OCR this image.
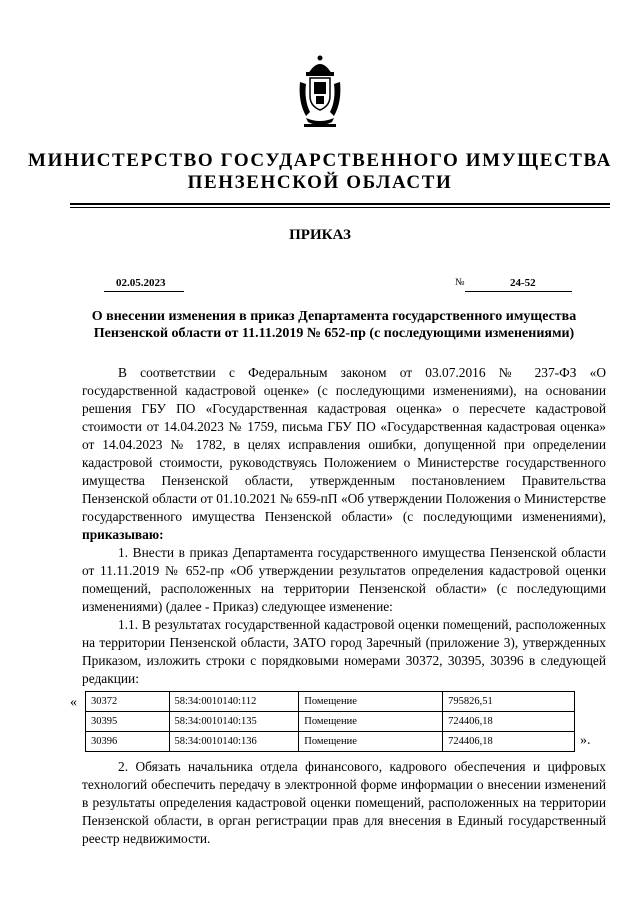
МИНИСТЕРСТВО ГОСУДАРСТВЕННОГО ИМУЩЕСТВА
ПЕНЗЕНСКОЙ ОБЛАСТИ
ПРИКАЗ
02.05.2023	№	24-52
О внесении изменения в приказ Департамента государственного имущества
Пензенской области от 11.11.2019 № 652-пр (с последующими изменениями)

В соответствии с Федеральным законом от 03.07.2016 № 237-ФЗ «О государственной кадастровой оценке» (с последующими изменениями), на основании решения ГБУ ПО «Государственная кадастровая оценка» о пересчете кадастровой стоимости от 14.04.2023 № 1759, письма ГБУ ПО «Государственная кадастровая оценка» от 14.04.2023 № 1782, в целях исправления ошибки, допущенной при определении кадастровой стоимости, руководствуясь Положением о Министерстве государственного имущества Пензенской области, утвержденным постановлением Правительства Пензенской области от 01.10.2021 № 659-пП «Об утверждении Положения о Министерстве государственного имущества Пензенской области» (с последующими изменениями), приказываю:

1. Внести в приказ Департамента государственного имущества Пензенской области от 11.11.2019 № 652-пр «Об утверждении результатов определения кадастровой оценки помещений, расположенных на территории Пензенской области» (с последующими изменениями) (далее - Приказ) следующее изменение:

1.1. В результатах государственной кадастровой оценки помещений, расположенных на территории Пензенской области, ЗАТО город Заречный (приложение 3), утвержденных Приказом, изложить строки с порядковыми номерами 30372, 30395, 30396 в следующей редакции:

« 30372	58:34:0010140:112	Помещение	795826,51
30395	58:34:0010140:135	Помещение	724406,18
30396	58:34:0010140:136	Помещение	724406,18	».

2. Обязать начальника отдела финансового, кадрового обеспечения и цифровых технологий обеспечить передачу в электронной форме информации о внесении изменений в результаты определения кадастровой оценки помещений, расположенных на территории Пензенской области, в орган регистрации прав для внесения в Единый государственный реестр недвижимости.
